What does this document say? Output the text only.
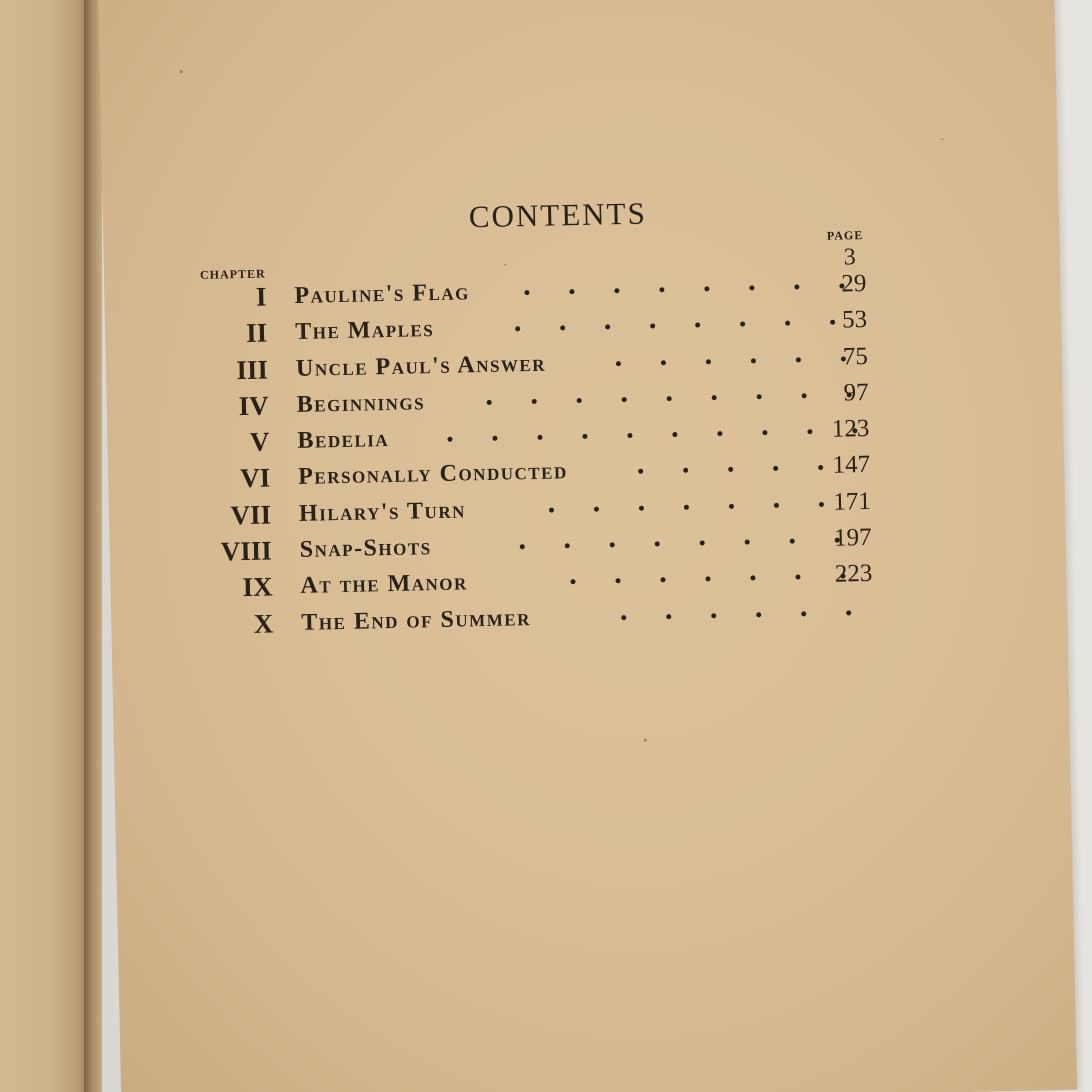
CONTENTS
PAGE
3
CHAPTER
I Pauline's Flag	29
II The Maples	53
III Uncle Paul's Answer	75
IV Beginnings	97
V Bedelia	123
VI Personally Conducted	147
VII Hilary's Turn	171
VIII Snap-Shots	197
IX At the Manor	223
X The End of Summer
